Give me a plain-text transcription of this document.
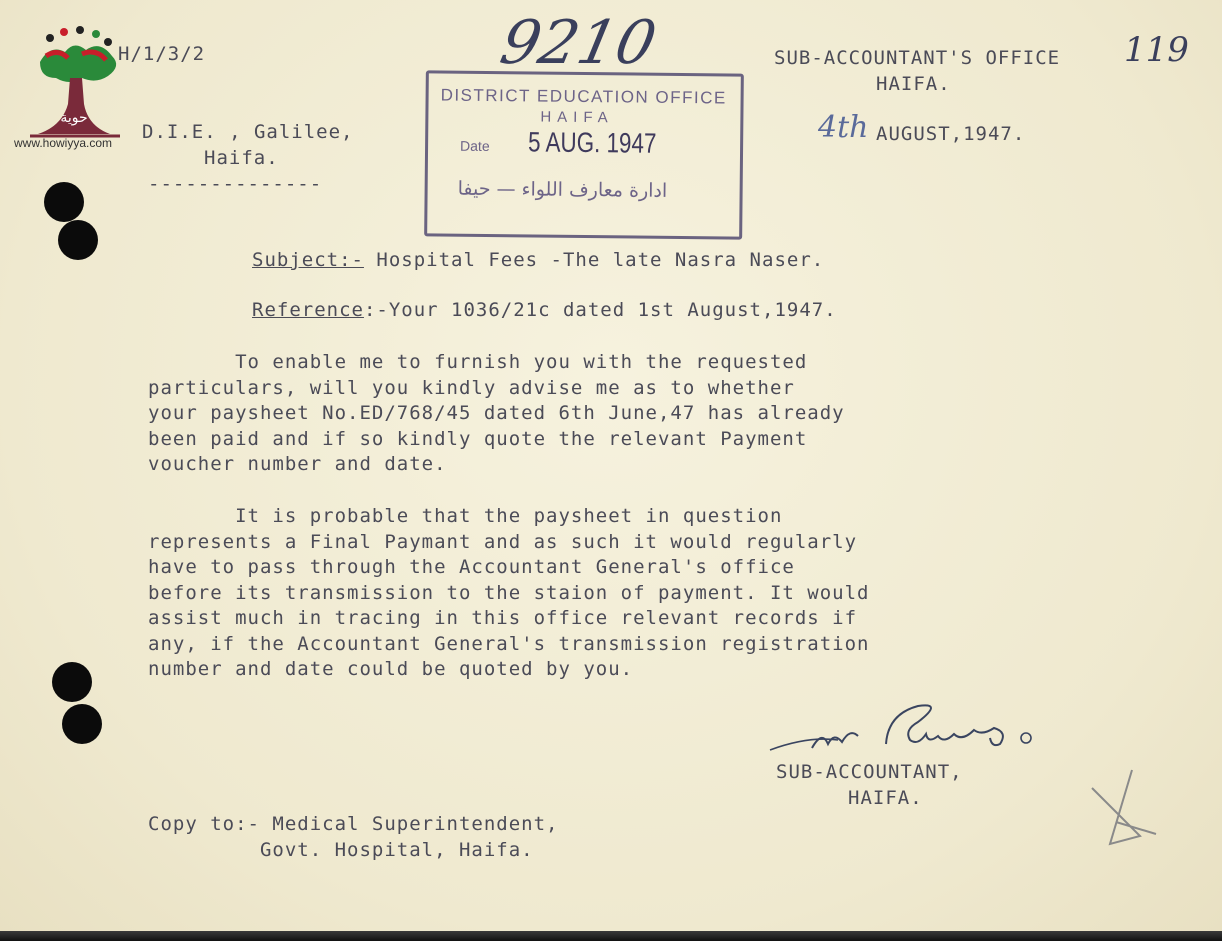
حوية
www.howiyya.com
H/1/3/2
D.I.E. , Galilee,
Haifa.
--------------
9210
DISTRICT EDUCATION OFFICE
HAIFA
Date 5 AUG. 1947
ادارة معارف اللواء — حيفا
SUB-ACCOUNTANT'S OFFICE
HAIFA.
119
4th AUGUST,1947.
Subject:- Hospital Fees -The late Nasra Naser.
Reference:-Your 1036/21c dated 1st August,1947.
To enable me to furnish you with the requested
particulars, will you kindly advise me as to whether
your paysheet No.ED/768/45 dated 6th June,47 has already
been paid and if so kindly quote the relevant Payment
voucher number and date.
It is probable that the paysheet in question
represents a Final Paymant and as such it would regularly
have to pass through the Accountant General's office
before its transmission to the staion of payment. It would
assist much in tracing in this office relevant records if
any, if the Accountant General's transmission registration
number and date could be quoted by you.
SUB-ACCOUNTANT,
HAIFA.
Copy to:- Medical Superintendent,
Govt. Hospital, Haifa.
